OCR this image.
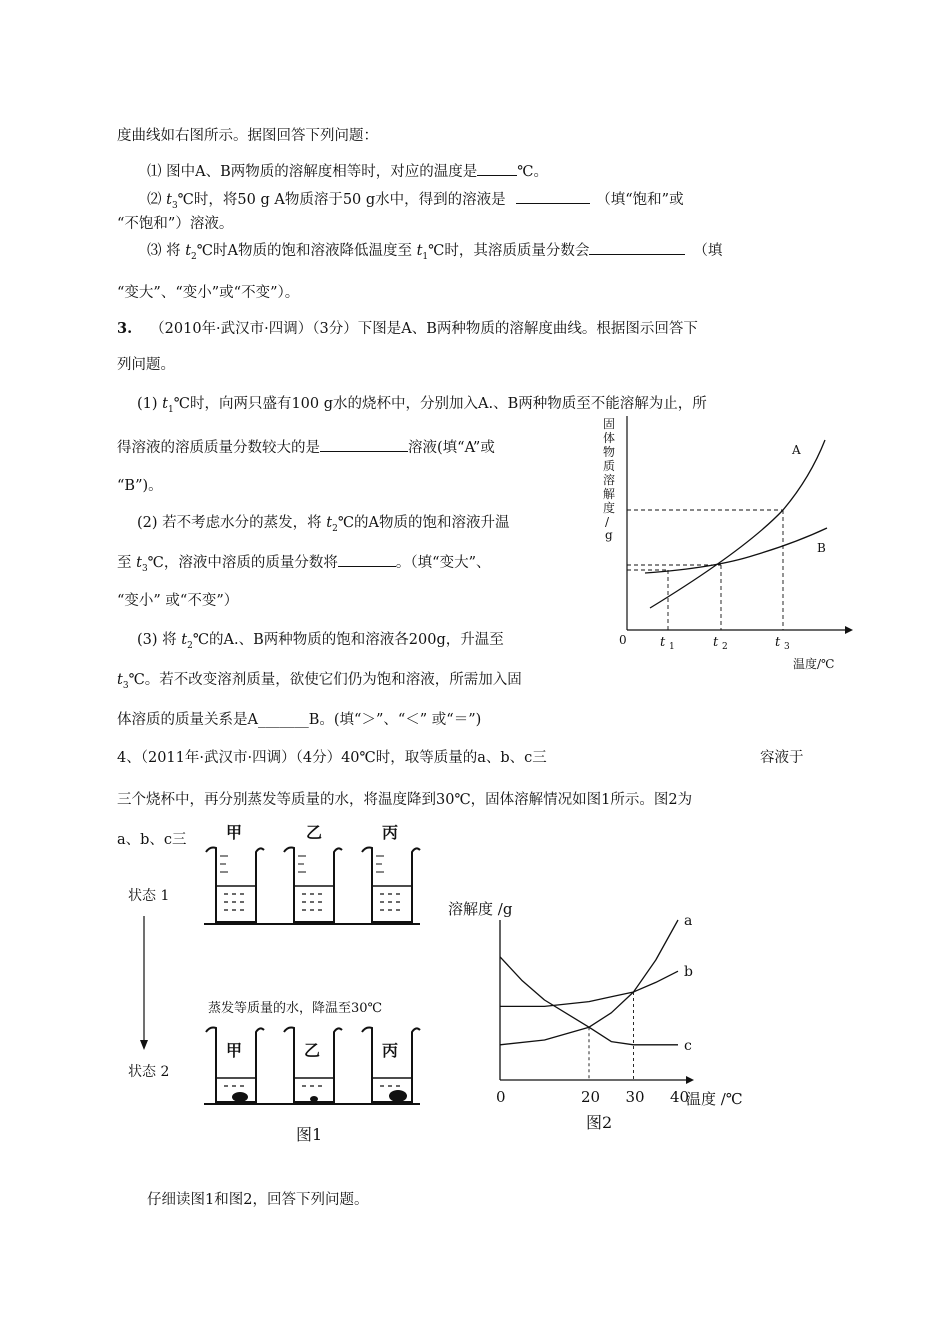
度曲线如右图所示。据图回答下列问题：
⑴ 图中A、B两物质的溶解度相等时，对应的温度是	℃。
⑵ $t_3℃$时，将50 g A物质溶于50 g水中，得到的溶液是	（填“饱和”或
“不饱和”）溶液。
⑶ 将 $t_2℃$时A物质的饱和溶液降低温度至 $t_1℃$时，其溶质质量分数会	（填
“变大”、“变小”或“不变”）。
3. （2010年·武汉市·四调）（3分）下图是A、B两种物质的溶解度曲线。根据图示回答下
列问题。
(1) $t_1℃$时，向两只盛有100 g水的烧杯中，分别加入A.、B两种物质至不能溶解为止，所
得溶液的溶质质量分数较大的是	溶液(填“A”或
“B”)。
(2) 若不考虑水分的蒸发，将 $t_2℃$的A物质的饱和溶液升温
至 $t_3℃$，溶液中溶质的质量分数将	。（填“变大”、
“变小” 或“不变”）
(3) 将 $t_2℃$的A.、B两种物质的饱和溶液各200g，升温至
$t_3℃$。若不改变溶剂质量，欲使它们仍为饱和溶液，所需加入固
体溶质的质量关系是A_______B。(填“＞”、“＜” 或“＝”)
4、（2011年·武汉市·四调）（4分）40℃时，取等质量的a、b、c三	容液于
三个烧杯中，再分别蒸发等质量的水，将温度降到30℃，固体溶解情况如图1所示。图2为
a、b、c三
仔细读图1和图2，回答下列问题。
固
体
物
质
溶
解
度
/
g
A
B
0	t 1	t 2	t 3
温度/℃
甲	乙	丙
状态 1
蒸发等质量的水，降温至30℃
状态 2
甲	乙	丙
图1
溶解度 /g
a
b
c
0	20 30 40
温度 /℃
图2
